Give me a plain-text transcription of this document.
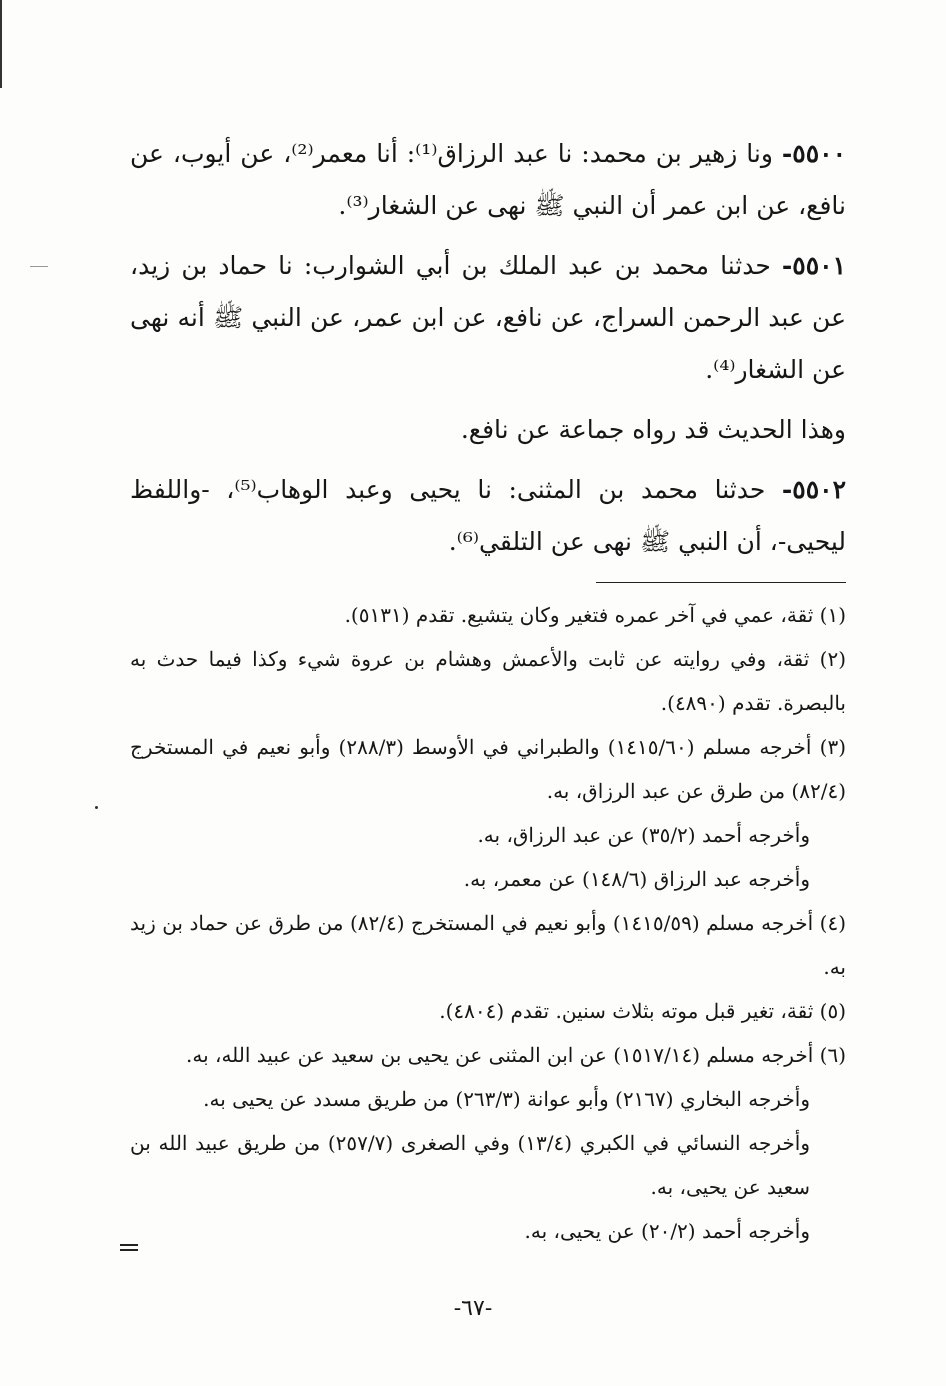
٥٥٠٠- ونا زهير بن محمد: نا عبد الرزاق⁽¹⁾: أنا معمر⁽²⁾، عن أيوب، عن نافع، عن ابن عمر أن النبي ﷺ نهى عن الشغار⁽³⁾.

٥٥٠١- حدثنا محمد بن عبد الملك بن أبي الشوارب: نا حماد بن زيد، عن عبد الرحمن السراج، عن نافع، عن ابن عمر، عن النبي ﷺ أنه نهى عن الشغار⁽⁴⁾.

وهذا الحديث قد رواه جماعة عن نافع.

٥٥٠٢- حدثنا محمد بن المثنى: نا يحيى وعبد الوهاب⁽⁵⁾، -واللفظ ليحيى-، أن النبي ﷺ نهى عن التلقي⁽⁶⁾.

(١) ثقة، عمي في آخر عمره فتغير وكان يتشيع. تقدم (٥١٣١).

(٢) ثقة، وفي روايته عن ثابت والأعمش وهشام بن عروة شيء وكذا فيما حدث به بالبصرة. تقدم (٤٨٩٠).

(٣) أخرجه مسلم (١٤١٥/٦٠) والطبراني في الأوسط (٢٨٨/٣) وأبو نعيم في المستخرج (٨٢/٤) من طرق عن عبد الرزاق، به.

وأخرجه أحمد (٣٥/٢) عن عبد الرزاق، به.

وأخرجه عبد الرزاق (١٤٨/٦) عن معمر، به.

(٤) أخرجه مسلم (١٤١٥/٥٩) وأبو نعيم في المستخرج (٨٢/٤) من طرق عن حماد بن زيد به.

(٥) ثقة، تغير قبل موته بثلاث سنين. تقدم (٤٨٠٤).

(٦) أخرجه مسلم (١٥١٧/١٤) عن ابن المثنى عن يحيى بن سعيد عن عبيد الله، به.

وأخرجه البخاري (٢١٦٧) وأبو عوانة (٢٦٣/٣) من طريق مسدد عن يحيى به.

وأخرجه النسائي في الكبري (١٣/٤) وفي الصغرى (٢٥٧/٧) من طريق عبيد الله بن سعيد عن يحيى، به.

وأخرجه أحمد (٢٠/٢) عن يحيى، به.

-٦٧-
